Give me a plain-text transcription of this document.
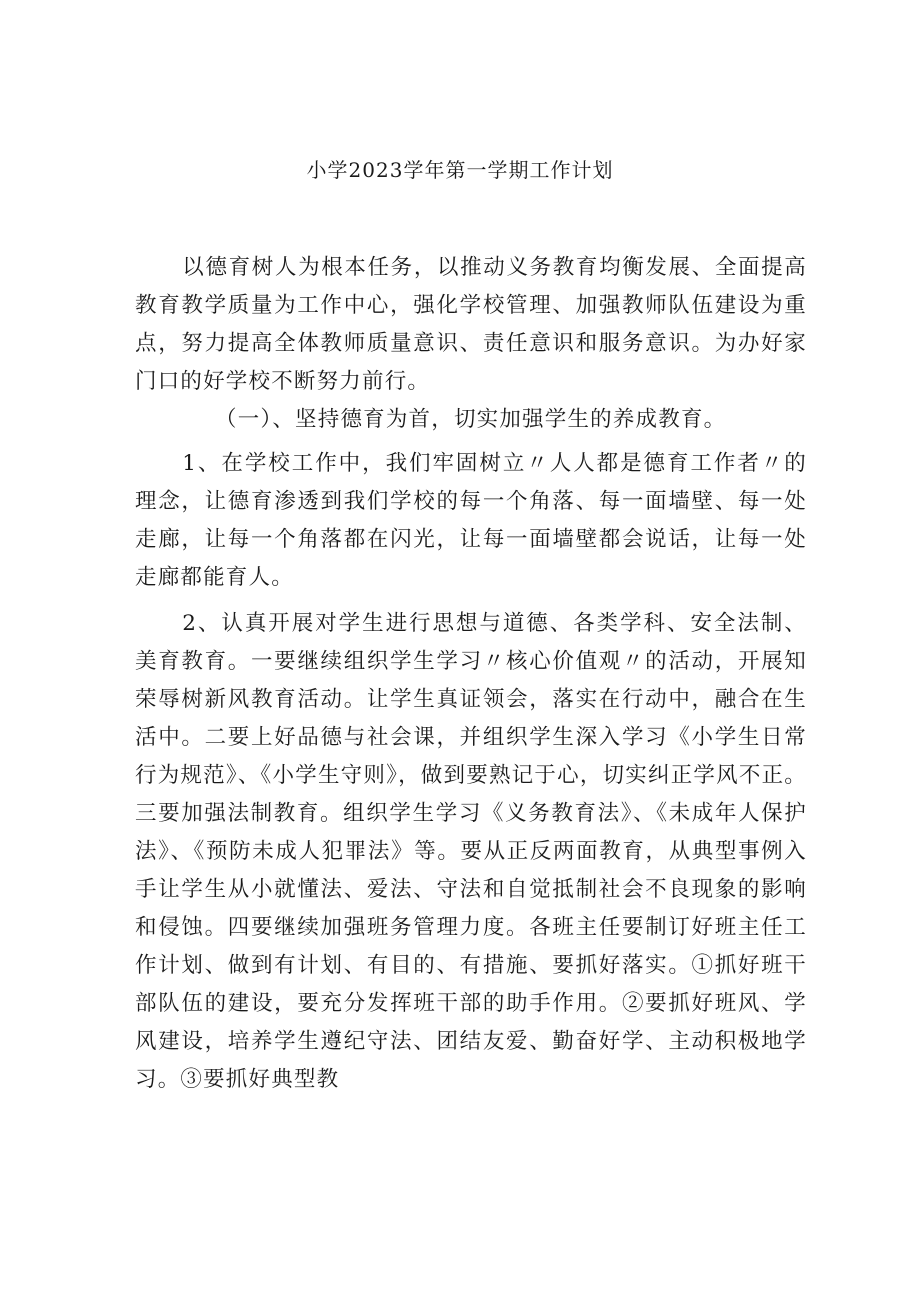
小学2023学年第一学期工作计划

以德育树人为根本任务，以推动义务教育均衡发展、全面提高教育教学质量为工作中心，强化学校管理、加强教师队伍建设为重点，努力提高全体教师质量意识、责任意识和服务意识。为办好家门口的好学校不断努力前行。

（一）、坚持德育为首，切实加强学生的养成教育。

1、在学校工作中，我们牢固树立〃人人都是德育工作者〃的理念，让德育渗透到我们学校的每一个角落、每一面墙壁、每一处走廊，让每一个角落都在闪光，让每一面墙壁都会说话，让每一处走廊都能育人。

2、认真开展对学生进行思想与道德、各类学科、安全法制、美育教育。一要继续组织学生学习〃核心价值观〃的活动，开展知荣辱树新风教育活动。让学生真证领会，落实在行动中，融合在生活中。二要上好品德与社会课，并组织学生深入学习《小学生日常行为规范》、《小学生守则》，做到要熟记于心，切实纠正学风不正。三要加强法制教育。组织学生学习《义务教育法》、《未成年人保护法》、《预防未成人犯罪法》等。要从正反两面教育，从典型事例入手让学生从小就懂法、爱法、守法和自觉抵制社会不良现象的影响和侵蚀。四要继续加强班务管理力度。各班主任要制订好班主任工作计划、做到有计划、有目的、有措施、要抓好落实。①抓好班干部队伍的建设，要充分发挥班干部的助手作用。②要抓好班风、学风建设，培养学生遵纪守法、团结友爱、勤奋好学、主动积极地学习。③要抓好典型教
